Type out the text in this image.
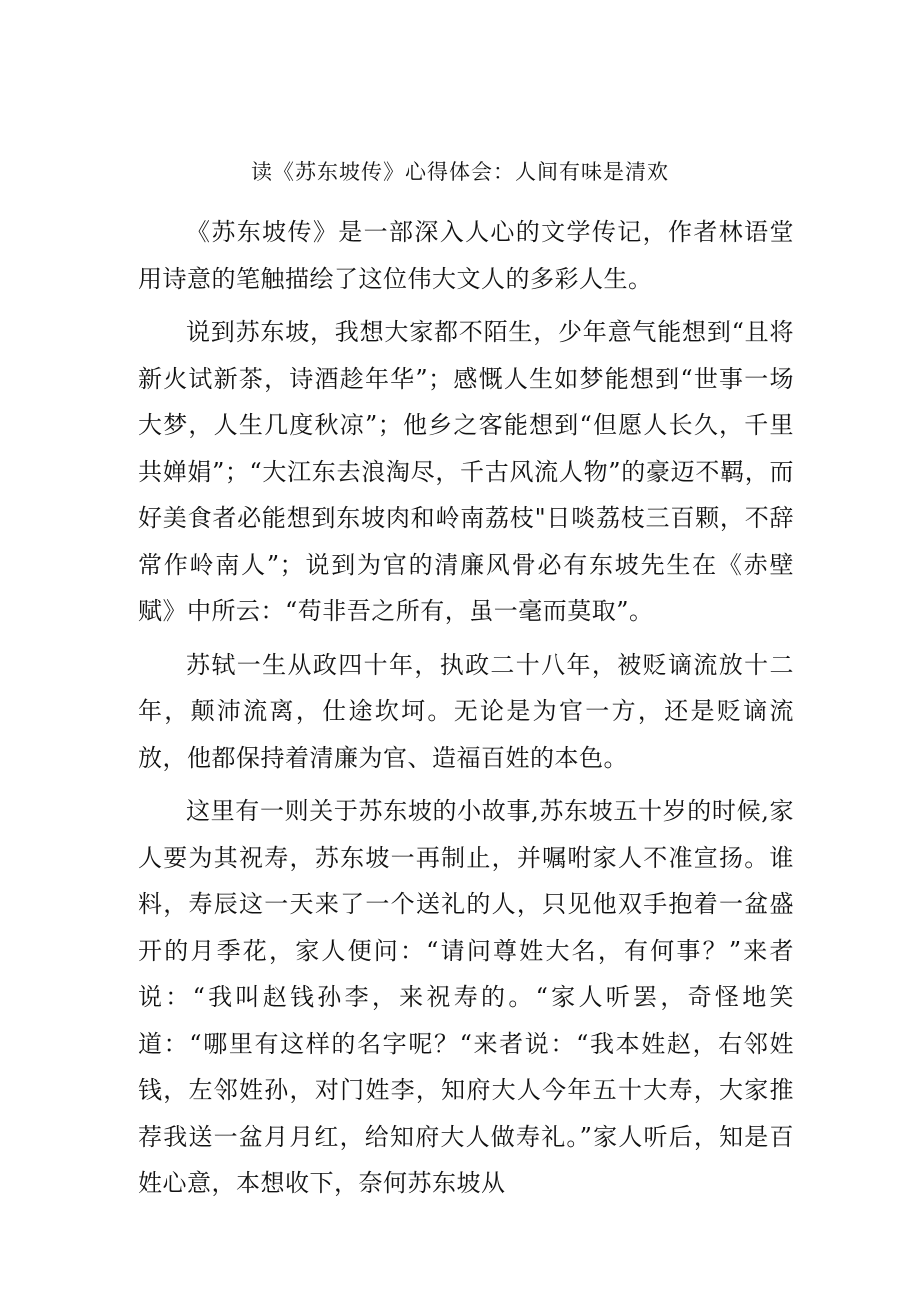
读《苏东坡传》心得体会：人间有味是清欢

《苏东坡传》是一部深入人心的文学传记，作者林语堂用诗意的笔触描绘了这位伟大文人的多彩人生。

说到苏东坡，我想大家都不陌生，少年意气能想到“且将新火试新茶，诗酒趁年华”；感慨人生如梦能想到“世事一场大梦，人生几度秋凉”；他乡之客能想到“但愿人长久，千里共婵娟”；“大江东去浪淘尽，千古风流人物”的豪迈不羁，而好美食者必能想到东坡肉和岭南荔枝"日啖荔枝三百颗，不辞常作岭南人”；说到为官的清廉风骨必有东坡先生在《赤壁赋》中所云：“苟非吾之所有，虽一毫而莫取”。

苏轼一生从政四十年，执政二十八年，被贬谪流放十二年，颠沛流离，仕途坎坷。无论是为官一方，还是贬谪流放，他都保持着清廉为官、造福百姓的本色。

这里有一则关于苏东坡的小故事,苏东坡五十岁的时候,家人要为其祝寿，苏东坡一再制止，并嘱咐家人不准宣扬。谁料，寿辰这一天来了一个送礼的人，只见他双手抱着一盆盛开的月季花，家人便问：“请问尊姓大名，有何事？”来者说：“我叫赵钱孙李，来祝寿的。“家人听罢，奇怪地笑道：“哪里有这样的名字呢？“来者说：“我本姓赵，右邻姓钱，左邻姓孙，对门姓李，知府大人今年五十大寿，大家推荐我送一盆月月红，给知府大人做寿礼。”家人听后，知是百姓心意，本想收下，奈何苏东坡从
